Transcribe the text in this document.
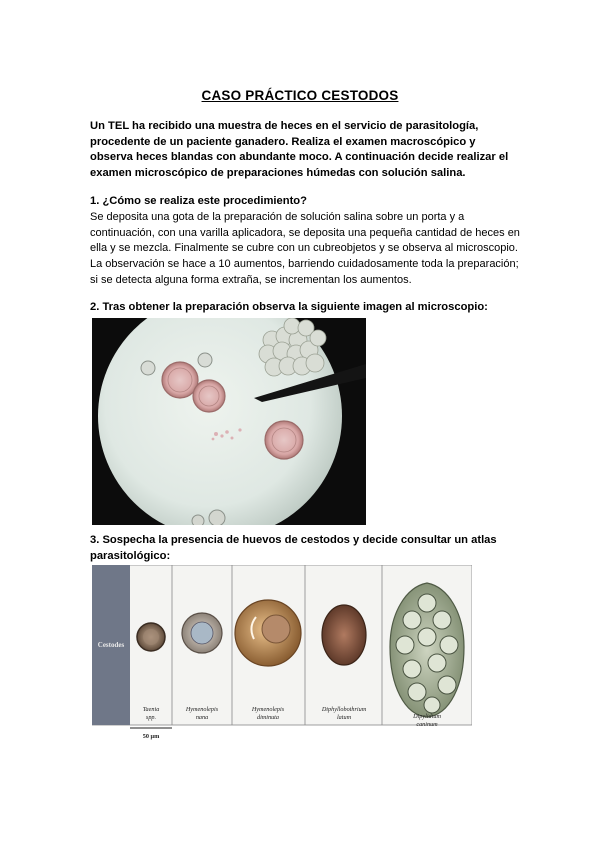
CASO PRÁCTICO CESTODOS
Un TEL ha recibido una muestra de heces en el servicio de parasitología, procedente de un paciente ganadero. Realiza el examen macroscópico y observa heces blandas con abundante moco. A continuación decide realizar el examen microscópico de preparaciones húmedas con solución salina.
1. ¿Cómo se realiza este procedimiento?
Se deposita una gota de la preparación de solución salina sobre un porta y a continuación, con una varilla aplicadora, se deposita una pequeña cantidad de heces en ella y se mezcla. Finalmente se cubre con un cubreobjetos y se observa al microscopio.
La observación se hace a 10 aumentos, barriendo cuidadosamente toda la preparación; si se detecta alguna forma extraña, se incrementan los aumentos.
2. Tras obtener la preparación observa la siguiente imagen al microscopio:
3. Sospecha la presencia de huevos de cestodos y decide consultar un atlas parasitológico:
Cestodes
Taenia spp.
Hymenolepis nana
Hymenolepis diminuta
Diphyllobothrium latum	Dipylidium caninum
50 µm
